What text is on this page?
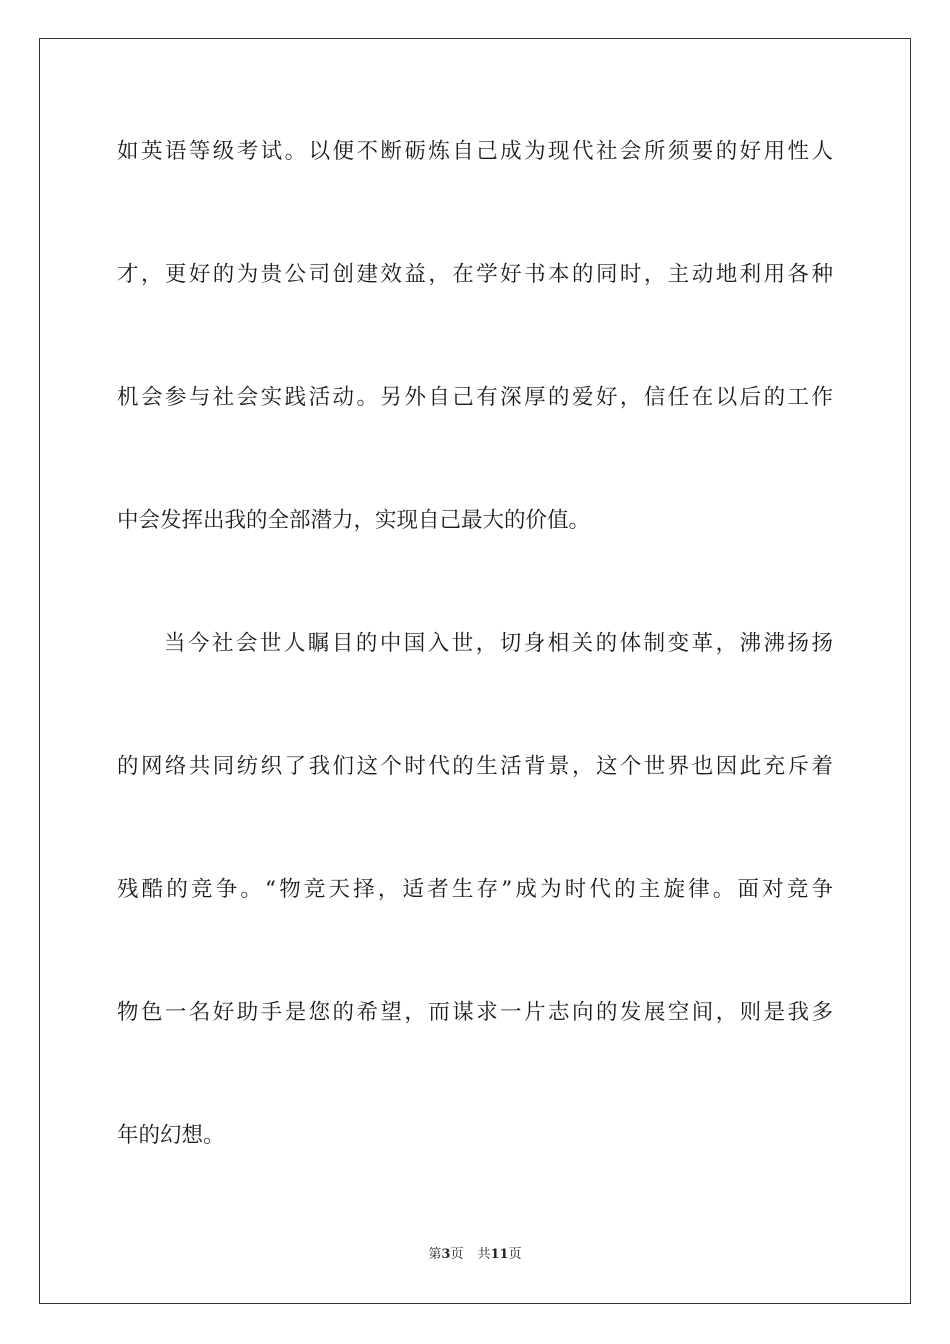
如英语等级考试。以便不断砺炼自己成为现代社会所须要的好用性人
才，更好的为贵公司创建效益，在学好书本的同时，主动地利用各种
机会参与社会实践活动。另外自己有深厚的爱好，信任在以后的工作
中会发挥出我的全部潜力，实现自己最大的价值。
当今社会世人瞩目的中国入世，切身相关的体制变革，沸沸扬扬
的网络共同纺织了我们这个时代的生活背景，这个世界也因此充斥着
残酷的竞争。“物竞天择，适者生存”成为时代的主旋律。面对竞争
物色一名好助手是您的希望，而谋求一片志向的发展空间，则是我多
年的幻想。
第3页 共11页
